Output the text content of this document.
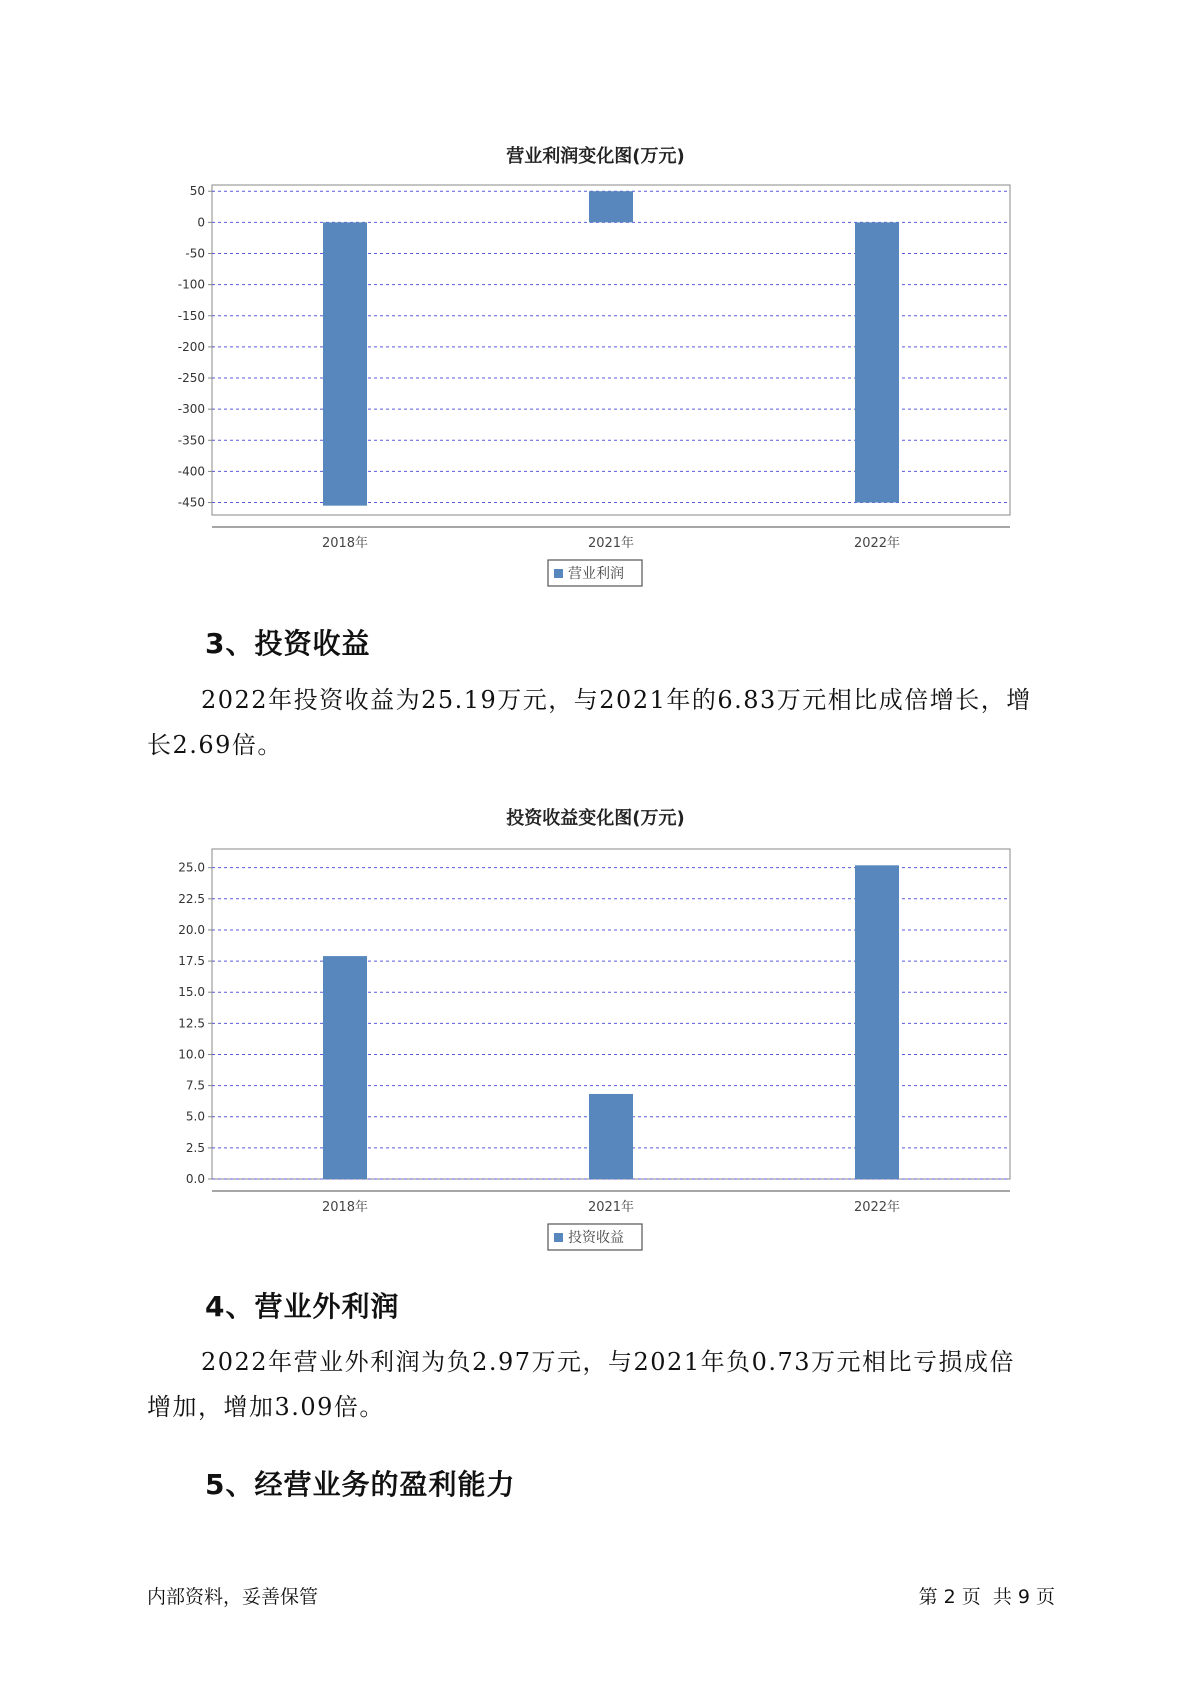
营业利润变化图(万元)
50
0
-50
-100
-150
-200
-250
-300
-350
-400
-450
2018年	2021年	2022年
营业利润
3、投资收益

2022年投资收益为25.19万元，与2021年的6.83万元相比成倍增长，增
长2.69倍。

投资收益变化图(万元)
25.0
22.5
20.0
17.5
15.0
12.5
10.0
7.5
5.0
2.5
0.0
2018年	2021年	2022年
投资收益
4、营业外利润

2022年营业外利润为负2.97万元，与2021年负0.73万元相比亏损成倍
增加，增加3.09倍。

5、经营业务的盈利能力
内部资料，妥善保管	第 2 页  共 9 页
